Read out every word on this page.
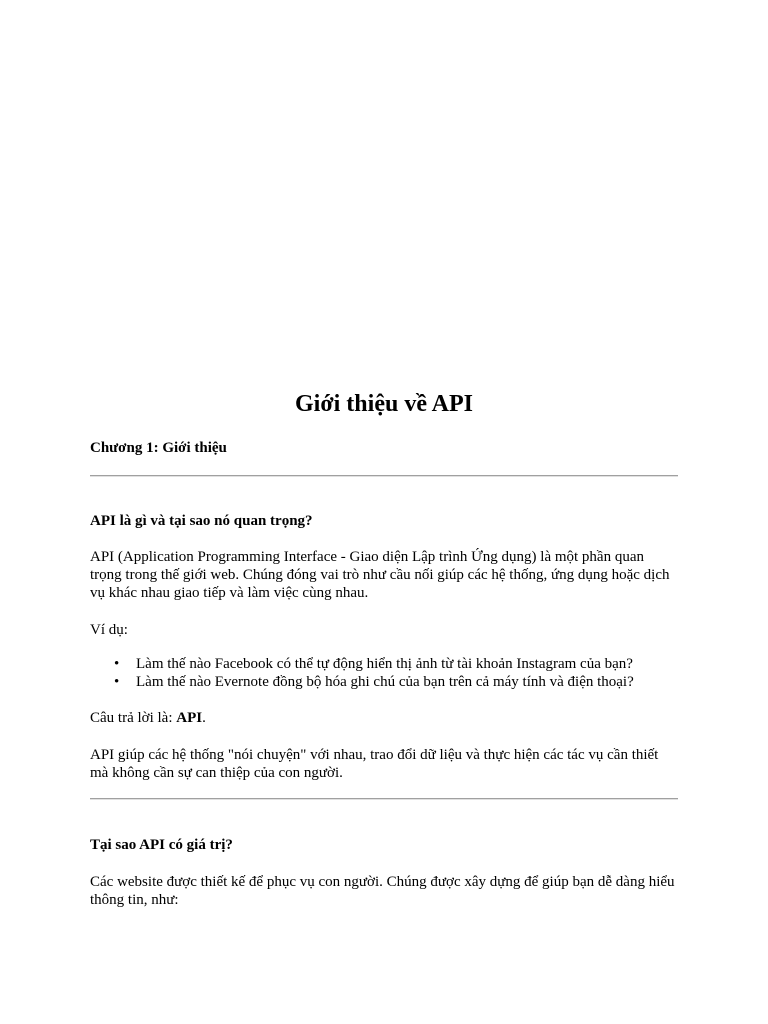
Giới thiệu về API

Chương 1: Giới thiệu

API là gì và tại sao nó quan trọng?

API (Application Programming Interface - Giao diện Lập trình Ứng dụng) là một phần quan trọng trong thế giới web. Chúng đóng vai trò như cầu nối giúp các hệ thống, ứng dụng hoặc dịch vụ khác nhau giao tiếp và làm việc cùng nhau.

Ví dụ:

• Làm thế nào Facebook có thể tự động hiển thị ảnh từ tài khoản Instagram của bạn?
• Làm thế nào Evernote đồng bộ hóa ghi chú của bạn trên cả máy tính và điện thoại?

Câu trả lời là: API.

API giúp các hệ thống "nói chuyện" với nhau, trao đổi dữ liệu và thực hiện các tác vụ cần thiết mà không cần sự can thiệp của con người.

Tại sao API có giá trị?

Các website được thiết kế để phục vụ con người. Chúng được xây dựng để giúp bạn dễ dàng hiểu thông tin, như:
